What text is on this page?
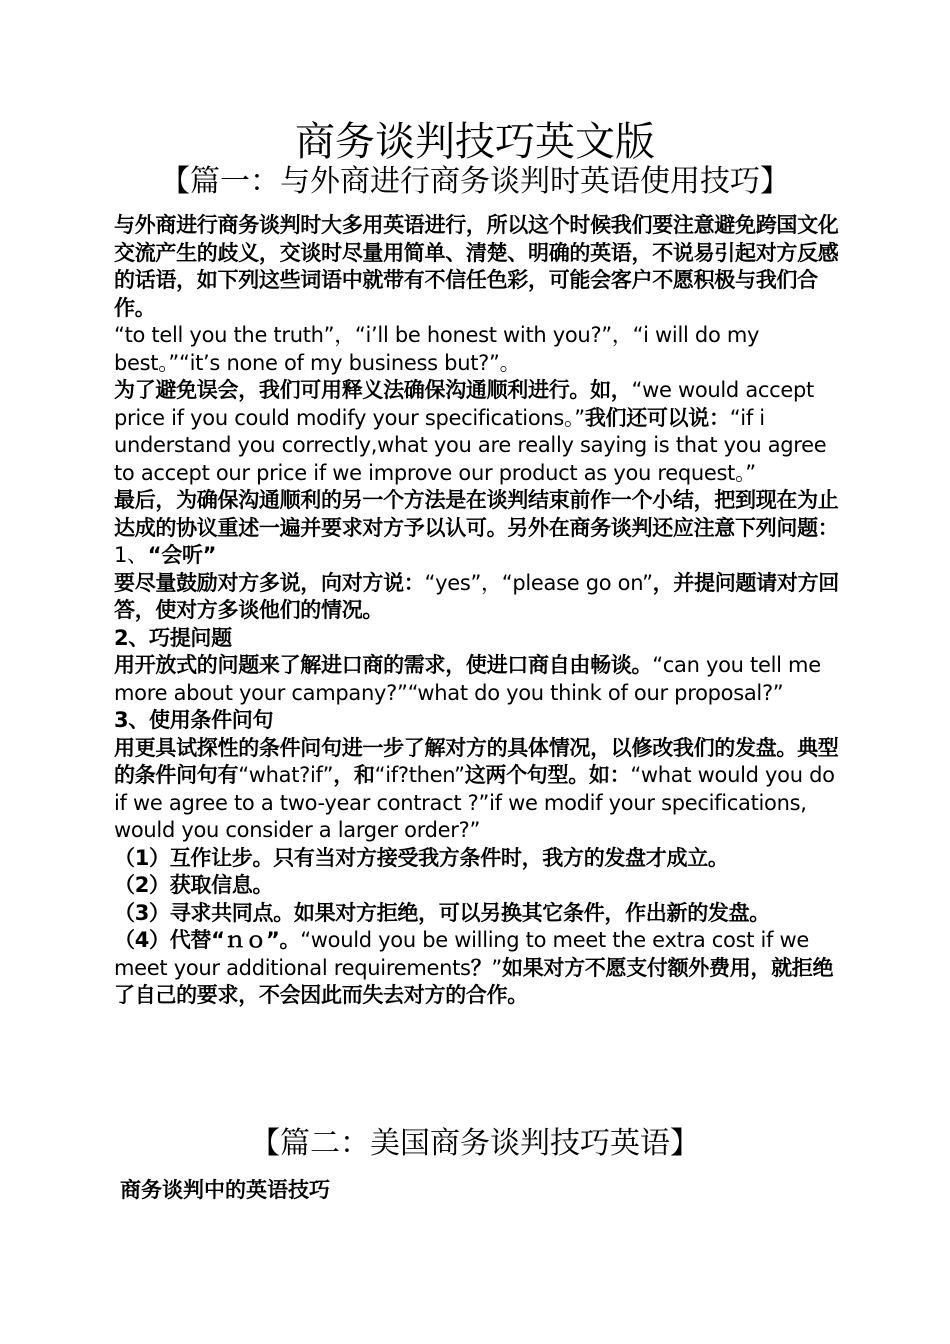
商务谈判技巧英文版
【篇一：与外商进行商务谈判时英语使用技巧】

与外商进行商务谈判时大多用英语进行，所以这个时候我们要注意避免跨国文化交流产生的歧义，交谈时尽量用简单、清楚、明确的英语，不说易引起对方反感的话语，如下列这些词语中就带有不信任色彩，可能会客户不愿积极与我们合作。

“to tell you the truth”，“i’ll be honest with you?”，“i will do my best。”“it’s none of my business but?”。

为了避免误会，我们可用释义法确保沟通顺利进行。如，“we would accept price if you could modify your specifications。”我们还可以说：“if i understand you correctly,what you are really saying is that you agree to accept our price if we improve our product as you request。”

最后，为确保沟通顺利的另一个方法是在谈判结束前作一个小结，把到现在为止达成的协议重述一遍并要求对方予以认可。另外在商务谈判还应注意下列问题：

1、“会听”

要尽量鼓励对方多说，向对方说：“yes”，“please go on”，并提问题请对方回答，使对方多谈他们的情况。

2、巧提问题

用开放式的问题来了解进口商的需求，使进口商自由畅谈。“can you tell me more about your campany?”“what do you think of our proposal?”

3、使用条件问句

用更具试探性的条件问句进一步了解对方的具体情况，以修改我们的发盘。典型的条件问句有“what?if”，和“if?then”这两个句型。如：“what would you do if we agree to a two-year contract ?”if we modif your specifications, would you consider a larger order?”

（1）互作让步。只有当对方接受我方条件时，我方的发盘才成立。

（2）获取信息。

（3）寻求共同点。如果对方拒绝，可以另换其它条件，作出新的发盘。

（4）代替“ｎｏ”。“would you be willing to meet the extra cost if we meet your additional requirements？”如果对方不愿支付额外费用，就拒绝了自己的要求，不会因此而失去对方的合作。

【篇二：美国商务谈判技巧英语】
商务谈判中的英语技巧
